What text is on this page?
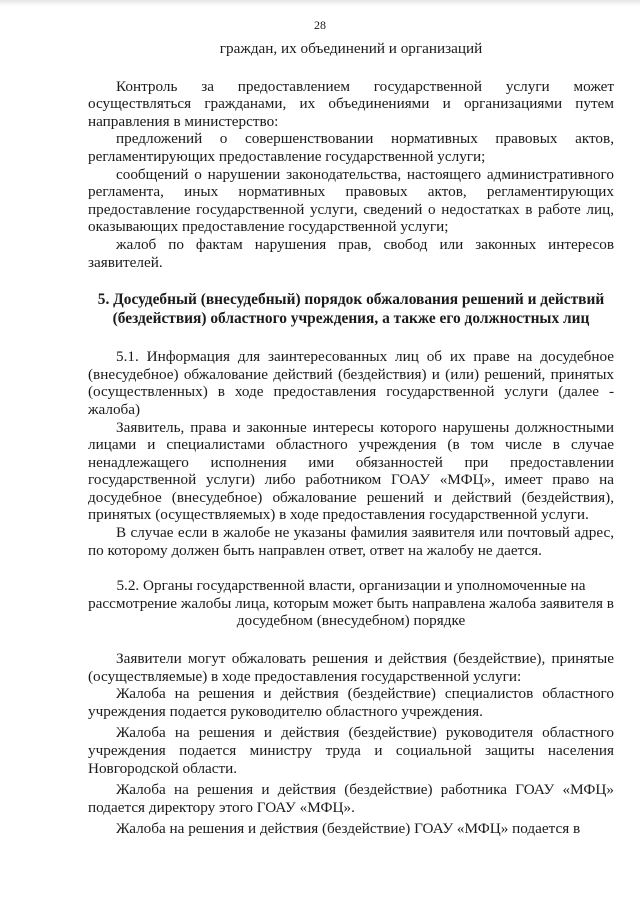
28

граждан, их объединений и организаций

Контроль за предоставлением государственной услуги может осуществляться гражданами, их объединениями и организациями путем направления в министерство:

предложений о совершенствовании нормативных правовых актов, регламентирующих предоставление государственной услуги;

сообщений о нарушении законодательства, настоящего административного регламента, иных нормативных правовых актов, регламентирующих предоставление государственной услуги, сведений о недостатках в работе лиц, оказывающих предоставление государственной услуги;

жалоб по фактам нарушения прав, свобод или законных интересов заявителей.

5. Досудебный (внесудебный) порядок обжалования решений и действий (бездействия) областного учреждения, а также его должностных лиц

5.1. Информация для заинтересованных лиц об их праве на досудебное (внесудебное) обжалование действий (бездействия) и (или) решений, принятых (осуществленных) в ходе предоставления государственной услуги (далее - жалоба)

Заявитель, права и законные интересы которого нарушены должностными лицами и специалистами областного учреждения (в том числе в случае ненадлежащего исполнения ими обязанностей при предоставлении государственной услуги) либо работником ГОАУ «МФЦ», имеет право на досудебное (внесудебное) обжалование решений и действий (бездействия), принятых (осуществляемых) в ходе предоставления государственной услуги.

В случае если в жалобе не указаны фамилия заявителя или почтовый адрес, по которому должен быть направлен ответ, ответ на жалобу не дается.

5.2. Органы государственной власти, организации и уполномоченные на рассмотрение жалобы лица, которым может быть направлена жалоба заявителя в досудебном (внесудебном) порядке

Заявители могут обжаловать решения и действия (бездействие), принятые (осуществляемые) в ходе предоставления государственной услуги:

Жалоба на решения и действия (бездействие) специалистов областного учреждения подается руководителю областного учреждения.

Жалоба на решения и действия (бездействие) руководителя областного учреждения подается министру труда и социальной защиты населения Новгородской области.

Жалоба на решения и действия (бездействие) работника ГОАУ «МФЦ» подается директору этого ГОАУ «МФЦ».

Жалоба на решения и действия (бездействие) ГОАУ «МФЦ» подается в
